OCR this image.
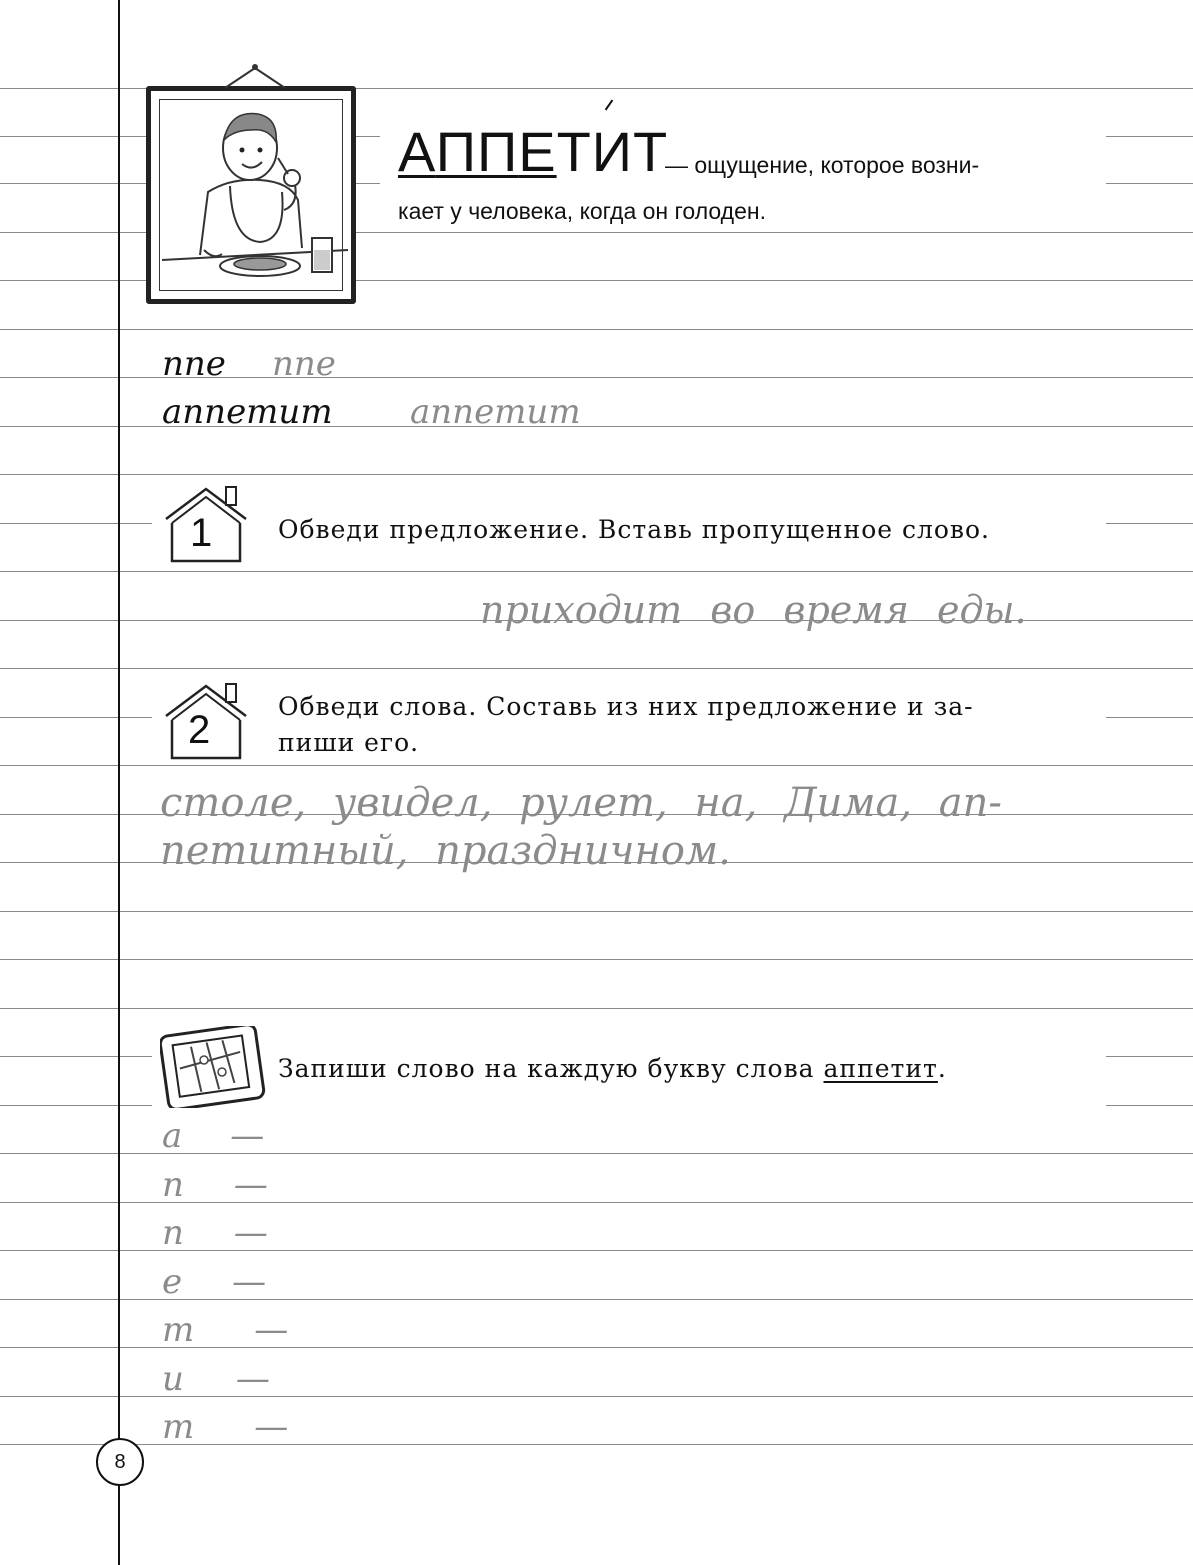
АППЕТИТ
— ощущение, которое возни-
кает у человека, когда он голоден.
ппе ппе
аппетит аппетит
1	Обведи предложение. Вставь пропущенное слово.
приходит во время еды.
2
Обведи слова. Составь из них предложение и за-
пиши его.
столе, увидел, рулет, на, Дима, ап-
петитный, праздничном.
Запиши слово на каждую букву слова аппетит.
а —
п —
п —
е —
т —
и —
т —
8
